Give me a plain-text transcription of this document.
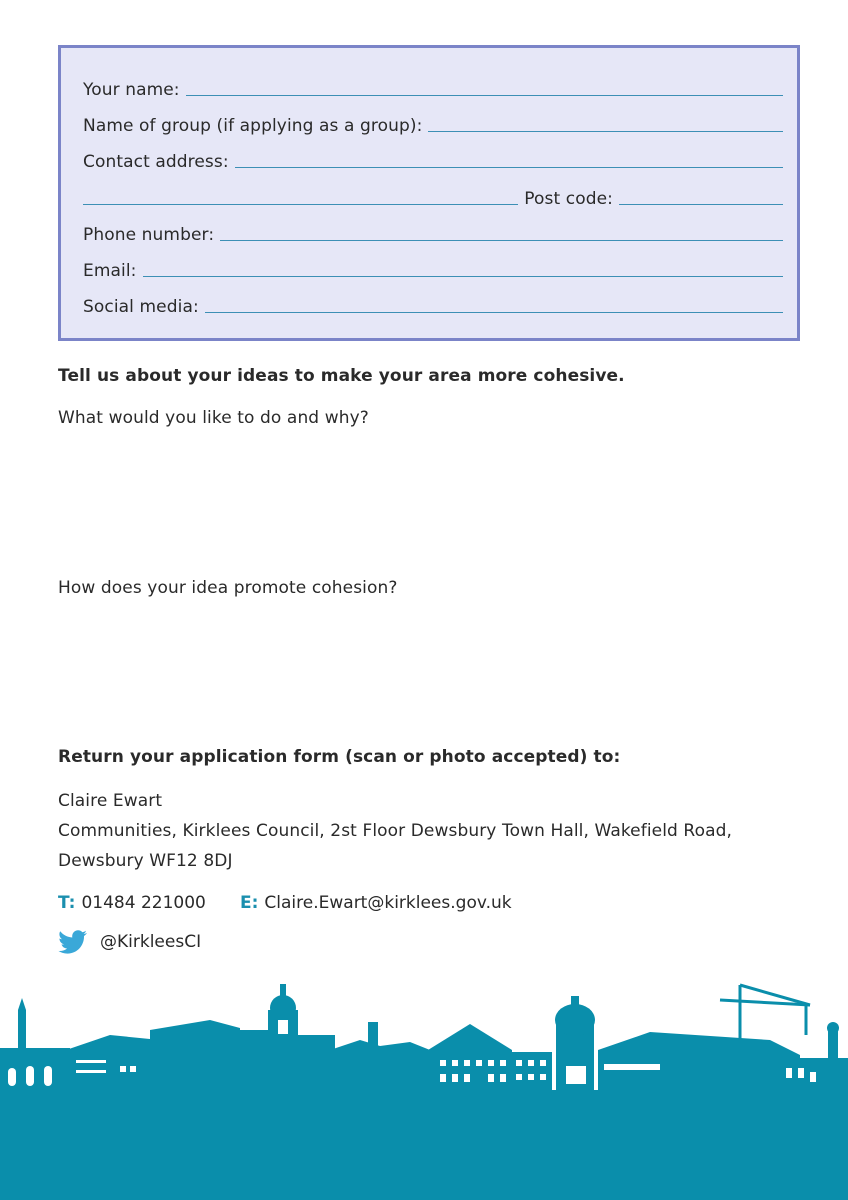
Your name:
Name of group (if applying as a group):
Contact address:
Post code:
Phone number:
Email:
Social media:
Tell us about your ideas to make your area more cohesive.
What would you like to do and why?
How does your idea promote cohesion?
Return your application form (scan or photo accepted) to:
Claire Ewart
Communities, Kirklees Council, 2st Floor Dewsbury Town Hall, Wakefield Road,
Dewsbury WF12 8DJ
T: 01484 221000 E: Claire.Ewart@kirklees.gov.uk
@KirkleesCI
